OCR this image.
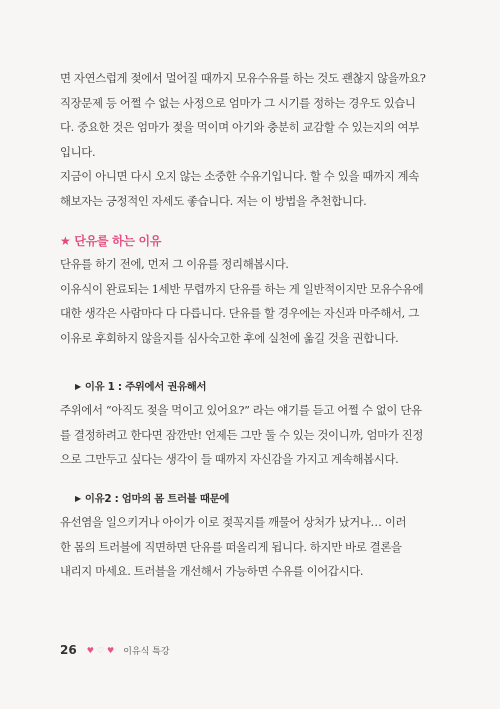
면 자연스럽게 젖에서 멀어질 때까지 모유수유를 하는 것도 괜찮지 않을까요?
직장문제 등 어쩔 수 없는 사정으로 엄마가 그 시기를 정하는 경우도 있습니
다. 중요한 것은 엄마가 젖을 먹이며 아기와 충분히 교감할 수 있는지의 여부
입니다.
지금이 아니면 다시 오지 않는 소중한 수유기입니다. 할 수 있을 때까지 계속
해보자는 긍정적인 자세도 좋습니다. 저는 이 방법을 추천합니다.
★ 단유를 하는 이유
단유를 하기 전에, 먼저 그 이유를 정리해봅시다.
이유식이 완료되는 1세반 무렵까지 단유를 하는 게 일반적이지만 모유수유에
대한 생각은 사람마다 다 다릅니다. 단유를 할 경우에는 자신과 마주해서, 그
이유로 후회하지 않을지를 심사숙고한 후에 실천에 옮길 것을 권합니다.
▶ 이유 1 : 주위에서 권유해서
주위에서 “아직도 젖을 먹이고 있어요?” 라는 얘기를 듣고 어쩔 수 없이 단유
를 결정하려고 한다면 잠깐만! 언제든 그만 둘 수 있는 것이니까, 엄마가 진정
으로 그만두고 싶다는 생각이 들 때까지 자신감을 가지고 계속해봅시다.
▶ 이유2 : 엄마의 몸 트러블 때문에
유선염을 일으키거나 아이가 이로 젖꼭지를 깨물어 상처가 났거나… 이러
한 몸의 트러블에 직면하면 단유를 떠올리게 됩니다. 하지만 바로 결론을
내리지 마세요. 트러블을 개선해서 가능하면 수유를 이어갑시다.
26 ♥♡♥ 이유식 특강
